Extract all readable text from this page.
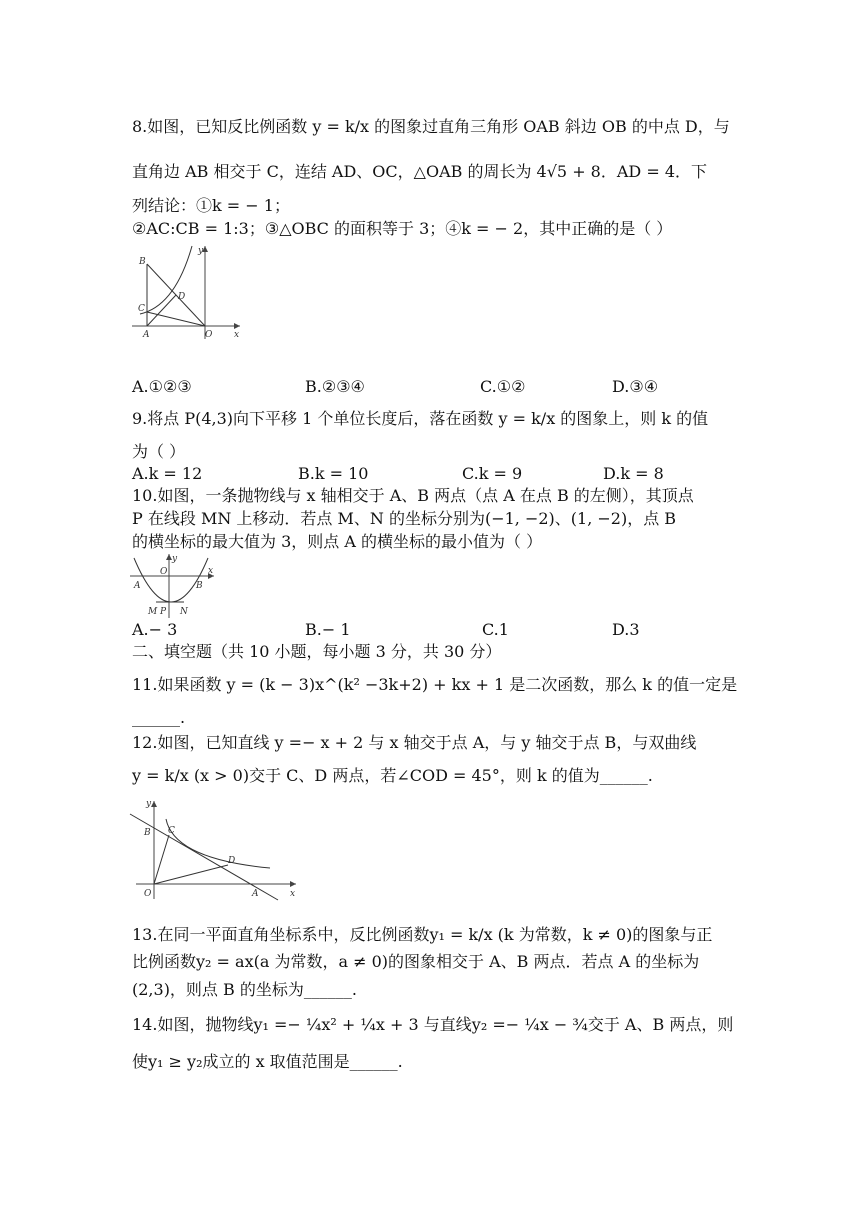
8.如图，已知反比例函数 y = k/x 的图象过直角三角形 OAB 斜边 OB 的中点 D，与
直角边 AB 相交于 C，连结 AD、OC，△OAB 的周长为 4√5 + 8．AD = 4．下
列结论：①k = − 1；
②AC:CB = 1:3；③△OBC 的面积等于 3；④k = − 2，其中正确的是（ ）
B
C
D
A	O x
y
A.①②③	B.②③④	C.①②	D.③④
9.将点 P(4,3)向下平移 1 个单位长度后，落在函数 y = k/x 的图象上，则 k 的值
为（ ）
A.k = 12	B.k = 10	C.k = 9	D.k = 8
10.如图，一条抛物线与 x 轴相交于 A、B 两点（点 A 在点 B 的左侧），其顶点
P 在线段 MN 上移动．若点 M、N 的坐标分别为(−1, −2)、(1, −2)，点 B
的横坐标的最大值为 3，则点 A 的横坐标的最小值为（ ）
y
x
O
A	B
M P N
A.− 3	B.− 1	C.1	D.3
二、填空题（共 10 小题，每小题 3 分，共 30 分）
11.如果函数 y = (k − 3)x^(k² −3k+2) + kx + 1 是二次函数，那么 k 的值一定是
______.
12.如图，已知直线 y =− x + 2 与 x 轴交于点 A，与 y 轴交于点 B，与双曲线
y = k/x (x > 0)交于 C、D 两点，若∠COD = 45°，则 k 的值为______.
y
B C
D
O	A	x
13.在同一平面直角坐标系中，反比例函数y₁ = k/x (k 为常数，k ≠ 0)的图象与正
比例函数y₂ = ax(a 为常数，a ≠ 0)的图象相交于 A、B 两点．若点 A 的坐标为
(2,3)，则点 B 的坐标为______.
14.如图，抛物线y₁ =− ¼x² + ¼x + 3 与直线y₂ =− ¼x − ¾交于 A、B 两点，则
使y₁ ≥ y₂成立的 x 取值范围是______.
